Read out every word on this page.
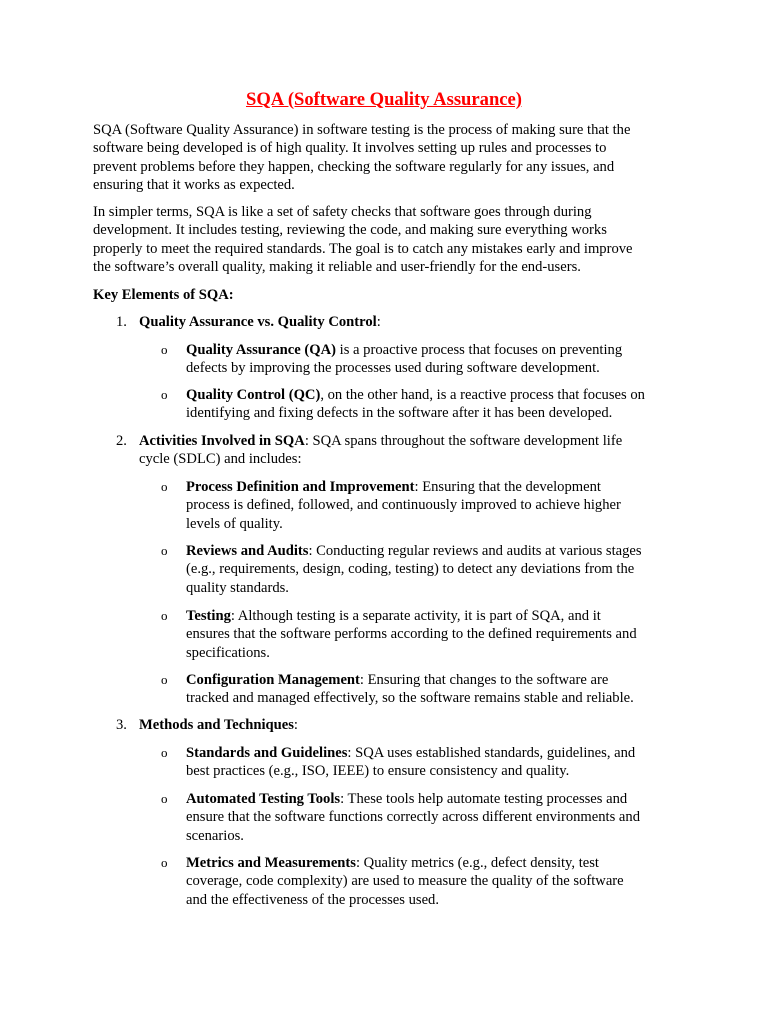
SQA (Software Quality Assurance)

SQA (Software Quality Assurance) in software testing is the process of making sure that the
software being developed is of high quality. It involves setting up rules and processes to
prevent problems before they happen, checking the software regularly for any issues, and
ensuring that it works as expected.

In simpler terms, SQA is like a set of safety checks that software goes through during
development. It includes testing, reviewing the code, and making sure everything works
properly to meet the required standards. The goal is to catch any mistakes early and improve
the software’s overall quality, making it reliable and user-friendly for the end-users.

Key Elements of SQA:

1. Quality Assurance vs. Quality Control:
o Quality Assurance (QA) is a proactive process that focuses on preventing
defects by improving the processes used during software development.
o Quality Control (QC), on the other hand, is a reactive process that focuses on
identifying and fixing defects in the software after it has been developed.
2. Activities Involved in SQA: SQA spans throughout the software development life
cycle (SDLC) and includes:
o Process Definition and Improvement: Ensuring that the development
process is defined, followed, and continuously improved to achieve higher
levels of quality.
o Reviews and Audits: Conducting regular reviews and audits at various stages
(e.g., requirements, design, coding, testing) to detect any deviations from the
quality standards.
o Testing: Although testing is a separate activity, it is part of SQA, and it
ensures that the software performs according to the defined requirements and
specifications.
o Configuration Management: Ensuring that changes to the software are
tracked and managed effectively, so the software remains stable and reliable.
3. Methods and Techniques:
o Standards and Guidelines: SQA uses established standards, guidelines, and
best practices (e.g., ISO, IEEE) to ensure consistency and quality.
o Automated Testing Tools: These tools help automate testing processes and
ensure that the software functions correctly across different environments and
scenarios.
o Metrics and Measurements: Quality metrics (e.g., defect density, test
coverage, code complexity) are used to measure the quality of the software
and the effectiveness of the processes used.
